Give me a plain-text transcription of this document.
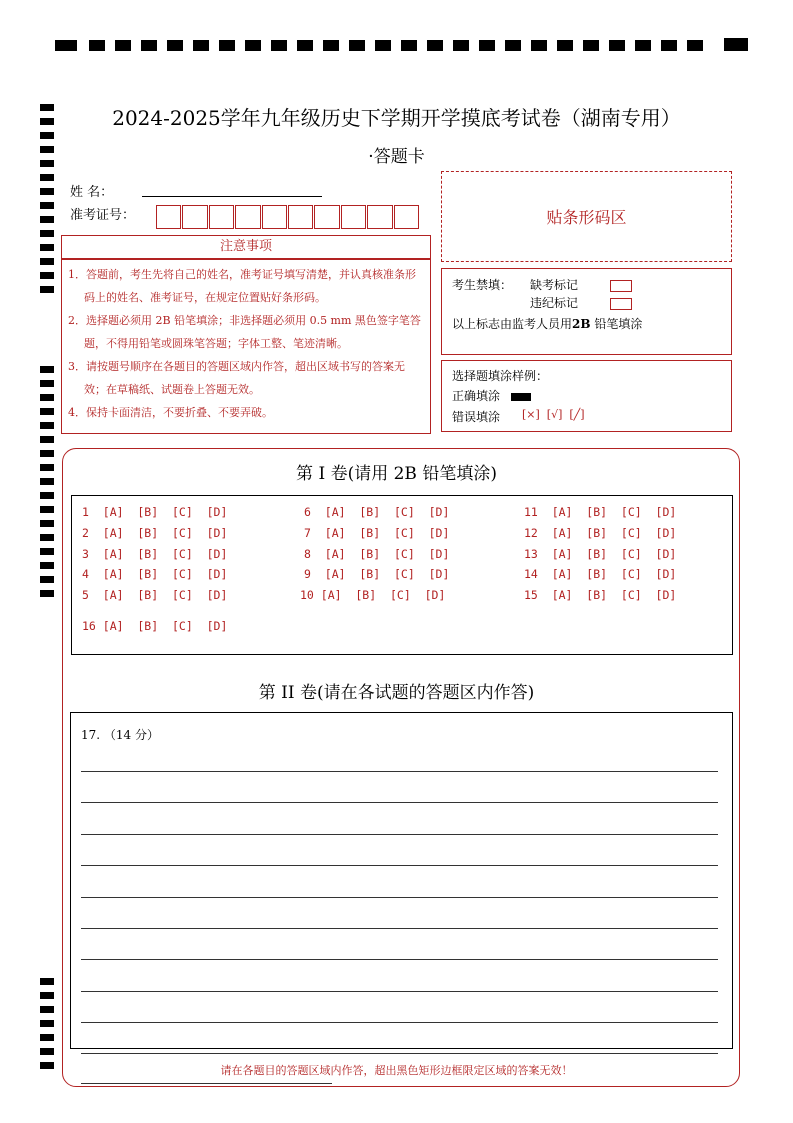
2024-2025学年九年级历史下学期开学摸底考试卷（湖南专用）
·答题卡
姓 名：
准考证号：	贴条形码区
注意事项
1．答题前，考生先将自己的姓名，准考证号填写清楚，并认真核准条形码上的姓名、准考证号，在规定位置贴好条形码。
2．选择题必须用 2B 铅笔填涂；非选择题必须用 0.5 mm 黑色签字笔答题，不得用铅笔或圆珠笔答题；字体工整、笔迹清晰。
3．请按题号顺序在各题目的答题区域内作答，超出区域书写的答案无效；在草稿纸、试题卷上答题无效。
4．保持卡面清洁，不要折叠、不要弄破。
考生禁填： 缺考标记
违纪标记
以上标志由监考人员用2B 铅笔填涂
选择题填涂样例：
正确填涂
错误填涂 [×]  [√]  [╱]
第 I 卷(请用 2B 铅笔填涂)
1  [A]  [B]  [C]  [D]
2  [A]  [B]  [C]  [D]
3  [A]  [B]  [C]  [D]
4  [A]  [B]  [C]  [D]
5  [A]  [B]  [C]  [D]
6  [A]  [B]  [C]  [D]
7  [A]  [B]  [C]  [D]
8  [A]  [B]  [C]  [D]
9  [A]  [B]  [C]  [D]
10 [A]  [B]  [C]  [D]
11  [A]  [B]  [C]  [D]
12  [A]  [B]  [C]  [D]
13  [A]  [B]  [C]  [D]
14  [A]  [B]  [C]  [D]
15  [A]  [B]  [C]  [D]
16 [A]  [B]  [C]  [D]
第 II 卷(请在各试题的答题区内作答)
17. （14 分）
请在各题目的答题区域内作答，超出黑色矩形边框限定区域的答案无效！
